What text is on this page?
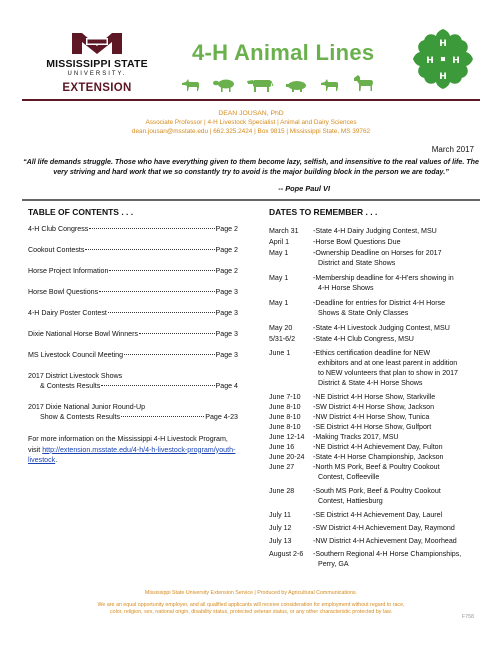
MISSISSIPPI STATE
UNIVERSITY.
EXTENSION
4-H Animal Lines	H
H H
H
DEAN JOUSAN, PhD
Associate Professor | 4-H Livestock Specialist | Animal and Dairy Sciences
dean.jousan@msstate.edu | 662.325.2424 | Box 9815 | Mississippi State, MS 39762
March 2017
“All life demands struggle. Those who have everything given to them become lazy, selfish, and insensitive to the real values of life. The very striving and hard work that we so constantly try to avoid is the major building block in the person we are today.”
-- Pope Paul VI
TABLE OF CONTENTS . . .
4-H Club Congress	Page 2
Cookout Contests	Page 2
Horse Project Information	Page 2
Horse Bowl Questions	Page 3
4-H Dairy Poster Contest	Page 3
Dixie National Horse Bowl Winners	Page 3
MS Livestock Council Meeting	Page 3
2017 District Livestock Shows
& Contests Results	Page 4
2017 Dixie National Junior Round-Up
Show & Contests Results	Page 4-23
For more information on the Mississippi 4-H Livestock Program, visit http://extension.msstate.edu/4-h/4-h-livestock-program/youth-livestock.
DATES TO REMEMBER . . .
March 31	-State 4-H Dairy Judging Contest, MSU
April 1	-Horse Bowl Questions Due
May 1	-Ownership Deadline on Horses for 2017
District and State Shows
May 1	-Membership deadline for 4-H’ers showing in
4-H Horse Shows
May 1	-Deadline for entries for District 4-H Horse
Shows & State Only Classes
May 20	-State 4-H Livestock Judging Contest, MSU
5/31-6/2	-State 4-H Club Congress, MSU
June 1	-Ethics certification deadline for NEW
exhibitors and at one least parent in addition
to NEW volunteers that plan to show in 2017
District & State 4-H Horse Shows
June 7-10	-NE District 4-H Horse Show, Starkville
June 8-10	-SW District 4-H Horse Show, Jackson
June 8-10	-NW District 4-H Horse Show, Tunica
June 8-10	-SE District 4-H Horse Show, Gulfport
June 12-14	-Making Tracks 2017, MSU
June 16	-NE District 4-H Achievement Day, Fulton
June 20-24	-State 4-H Horse Championship, Jackson
June 27	-North MS Pork, Beef & Poultry Cookout
Contest, Coffeeville
June 28	-South MS Pork, Beef & Poultry Cookout
Contest, Hattiesburg
July 11	-SE District 4-H Achievement Day, Laurel
July 12	-SW District 4-H Achievement Day, Raymond
July 13	-NW District 4-H Achievement Day, Moorhead
August 2-6	-Southern Regional 4-H Horse Championships,
Perry, GA
Mississippi State University Extension Service | Produced by Agricultural Communications.
We are an equal opportunity employer, and all qualified applicants will receive consideration for employment without regard to race,
color, religion, sex, national origin, disability status, protected veteran status, or any other characteristic protected by law.
F758
